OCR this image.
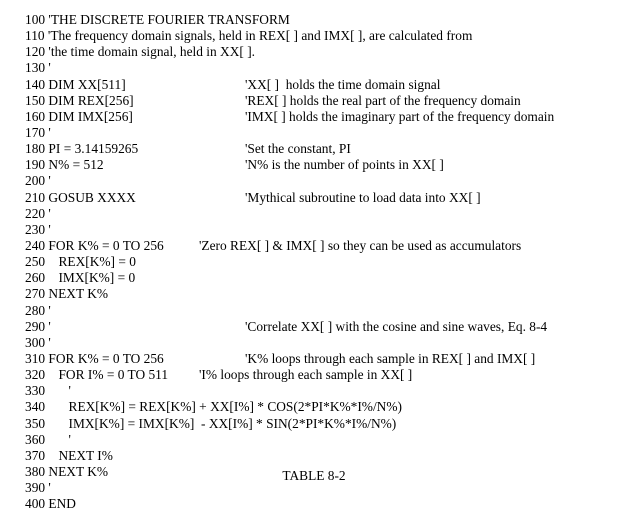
100 'THE DISCRETE FOURIER TRANSFORM
110 'The frequency domain signals, held in REX[ ] and IMX[ ], are calculated from
120 'the time domain signal, held in XX[ ].
130 '
140 DIM XX[511]	'XX[ ]  holds the time domain signal
150 DIM REX[256]	'REX[ ] holds the real part of the frequency domain
160 DIM IMX[256]	'IMX[ ] holds the imaginary part of the frequency domain
170 '
180 PI = 3.14159265	'Set the constant, PI
190 N% = 512	'N% is the number of points in XX[ ]
200 '
210 GOSUB XXXX	'Mythical subroutine to load data into XX[ ]
220 '
230 '
240 FOR K% = 0 TO 256	'Zero REX[ ] & IMX[ ] so they can be used as accumulators
250    REX[K%] = 0
260    IMX[K%] = 0
270 NEXT K%
280 '
290 '	'Correlate XX[ ] with the cosine and sine waves, Eq. 8-4
300 '
310 FOR K% = 0 TO 256	'K% loops through each sample in REX[ ] and IMX[ ]
320    FOR I% = 0 TO 511 'I% loops through each sample in XX[ ]
330       '
340       REX[K%] = REX[K%] + XX[I%] * COS(2*PI*K%*I%/N%)
350       IMX[K%] = IMX[K%]  - XX[I%] * SIN(2*PI*K%*I%/N%)
360       '
370    NEXT I%
380 NEXT K%
390 '
400 END
TABLE 8-2
